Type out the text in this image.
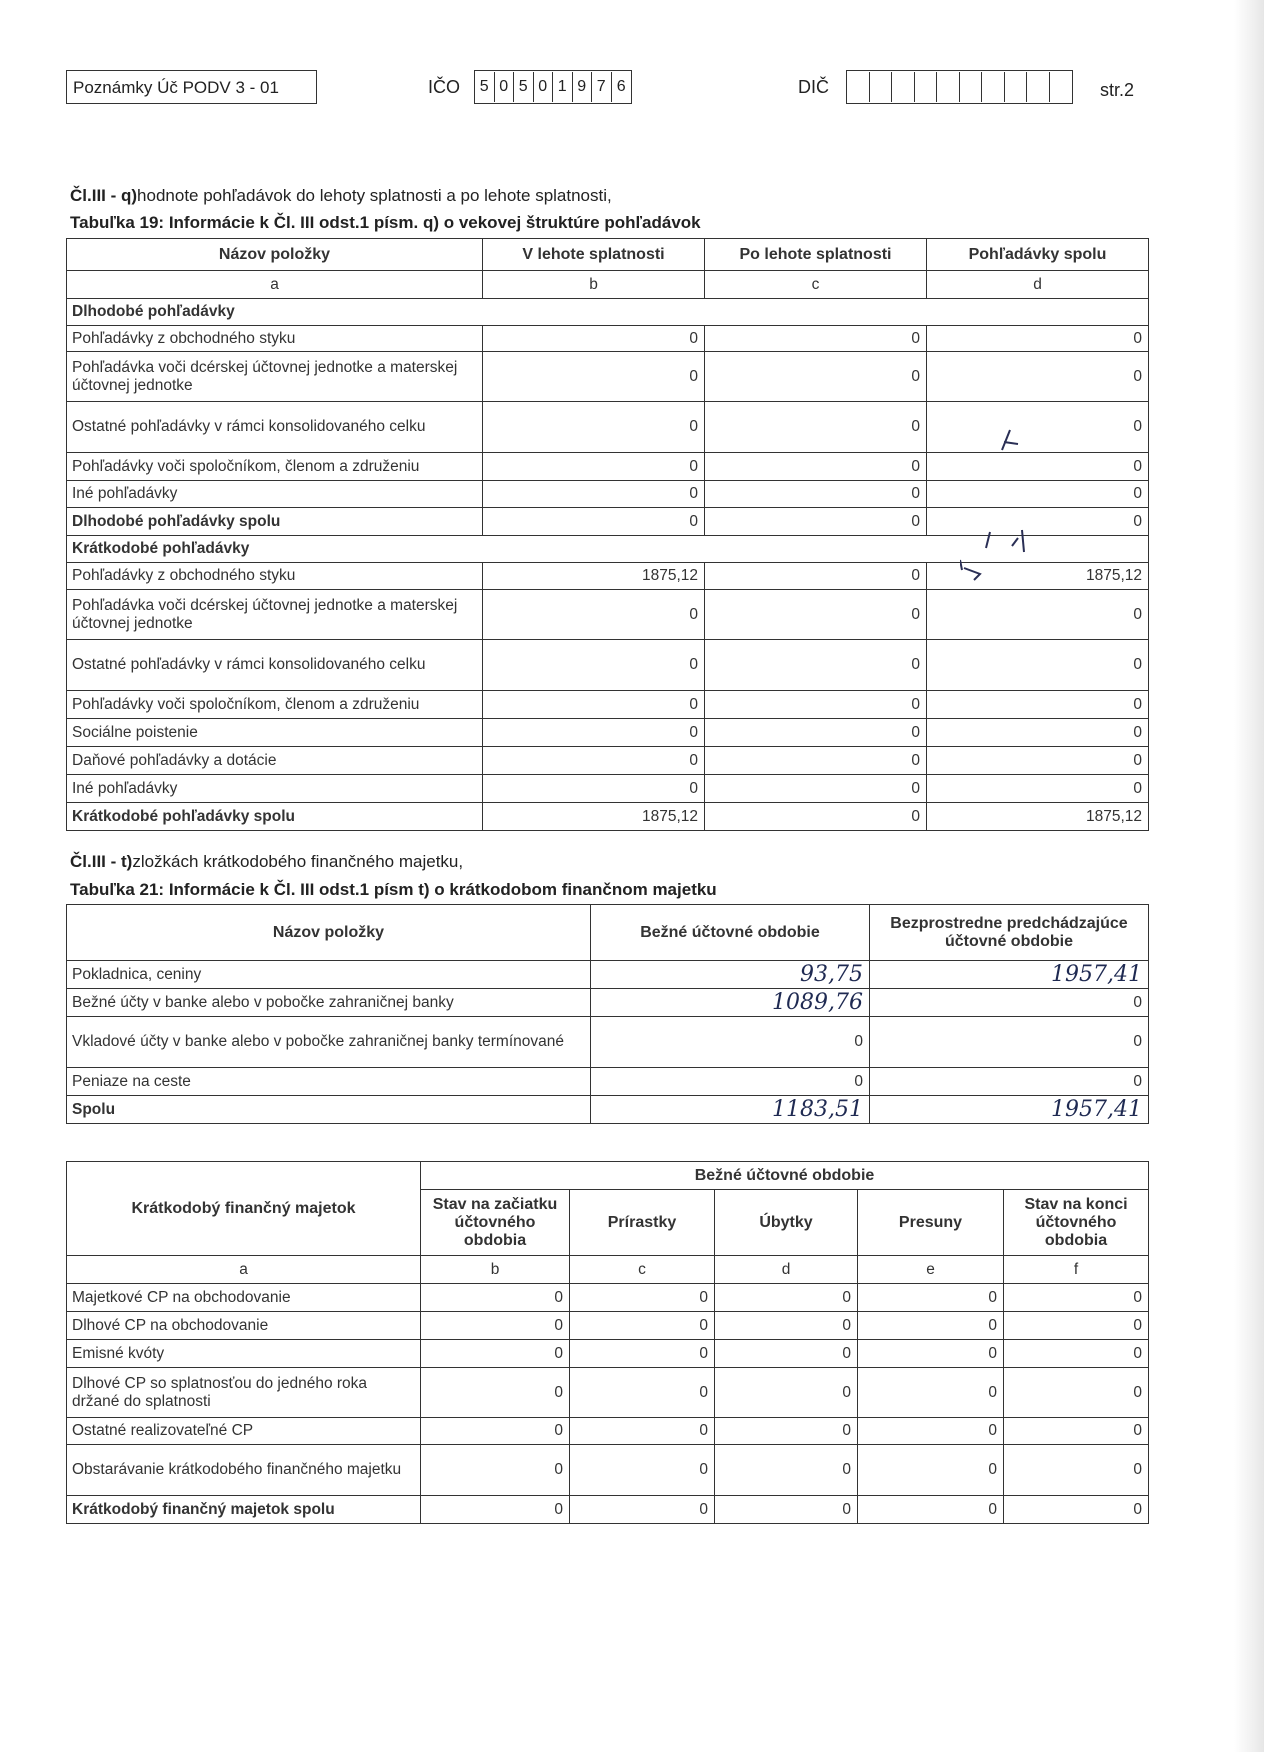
Poznámky Úč PODV 3 - 01	IČO 5 0 5 0 1 9 7 6	DIČ	str.2
Čl.III - q)hodnote pohľadávok do lehoty splatnosti a po lehote splatnosti,
Tabuľka 19: Informácie k Čl. III odst.1 písm. q) o vekovej štruktúre pohľadávok
Názov položky	V lehote splatnosti	Po lehote splatnosti	Pohľadávky spolu
a	b	c	d
Dlhodobé pohľadávky			
Pohľadávky z obchodného styku	0	0	0
Pohľadávka voči dcérskej účtovnej jednotke a materskej účtovnej jednotke	0	0	0
Ostatné pohľadávky v rámci konsolidovaného celku	0	0	0
Pohľadávky voči spoločníkom, členom a združeniu	0	0	0
Iné pohľadávky	0	0	0
Dlhodobé pohľadávky spolu	0	0	0
Krátkodobé pohľadávky			
Pohľadávky z obchodného styku	1875,12	0	1875,12
Pohľadávka voči dcérskej účtovnej jednotke a materskej účtovnej jednotke	0	0	0
Ostatné pohľadávky v rámci konsolidovaného celku	0	0	0
Pohľadávky voči spoločníkom, členom a združeniu	0	0	0
Sociálne poistenie	0	0	0
Daňové pohľadávky a dotácie	0	0	0
Iné pohľadávky	0	0	0
Krátkodobé pohľadávky spolu	1875,12	0	1875,12
Čl.III - t)zložkách krátkodobého finančného majetku,
Tabuľka 21: Informácie k Čl. III odst.1 písm t) o krátkodobom finančnom majetku
Názov položky	Bežné účtovné obdobie	Bezprostredne predchádzajúce účtovné obdobie
Pokladnica, ceniny	93,75	1957,41
Bežné účty v banke alebo v pobočke zahraničnej banky	1089,76	0
Vkladové účty v banke alebo v pobočke zahraničnej banky termínované	0	0
Peniaze na ceste	0	0
Spolu	1183,51	1957,41
Krátkodobý finančný majetok	Bežné účtovné obdobie				
	Stav na začiatku účtovného obdobia	Prírastky	Úbytky	Presuny	Stav na konci účtovného obdobia
a	b	c	d	e	f
Majetkové CP na obchodovanie	0	0	0	0	0
Dlhové CP na obchodovanie	0	0	0	0	0
Emisné kvóty	0	0	0	0	0
Dlhové CP so splatnosťou do jedného roka držané do splatnosti	0	0	0	0	0
Ostatné realizovateľné CP	0	0	0	0	0
Obstarávanie krátkodobého finančného majetku	0	0	0	0	0
Krátkodobý finančný majetok spolu	0	0	0	0	0
